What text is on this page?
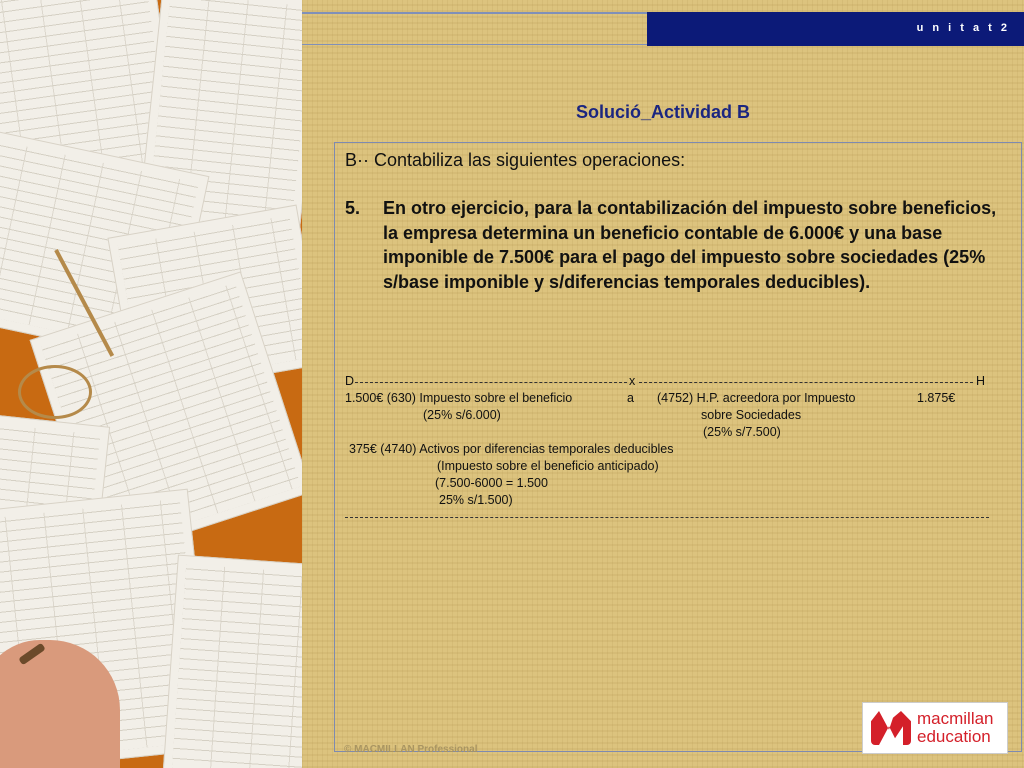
u n i t a t 2
Solució_Actividad B
B·· Contabiliza las siguientes operaciones:
5. En otro ejercicio, para la contabilización del impuesto sobre beneficios, la empresa determina un beneficio contable de 6.000€ y una base imponible de 7.500€ para el pago del impuesto sobre sociedades (25% s/base imponible y s/diferencias temporales deducibles).
D	x	H
1.500€ (630) Impuesto sobre el beneficio	a (4752) H.P. acreedora por Impuesto	1.875€
(25% s/6.000)	sobre Sociedades
(25% s/7.500)
375€ (4740) Activos por diferencias temporales deducibles
(Impuesto sobre el beneficio anticipado)
(7.500-6000 = 1.500
25% s/1.500)
© MACMILLAN Professional
macmillan
education
